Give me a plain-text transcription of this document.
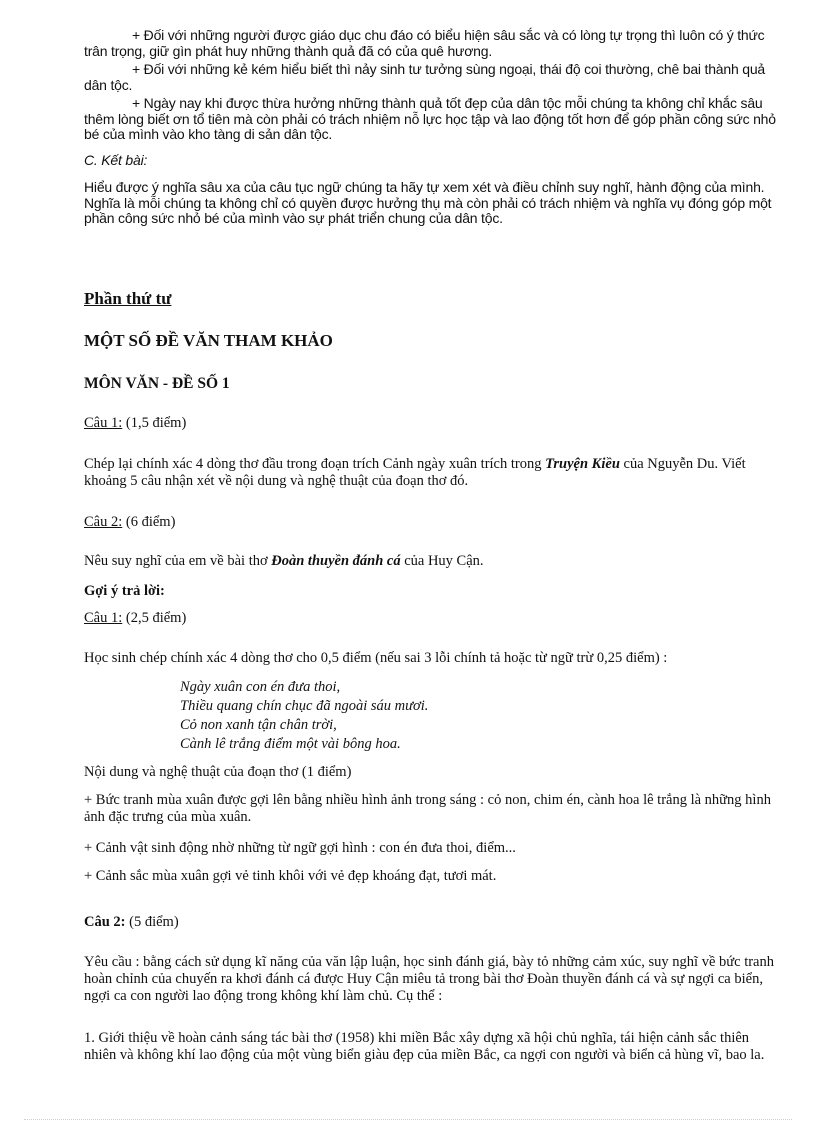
+ Đối với những người được giáo dục chu đáo có biểu hiện sâu sắc và có lòng tự trọng thì luôn có ý thức trân trọng, giữ gìn phát huy những thành quả đã có của quê hương.

+ Đối với những kẻ kém hiểu biết thì nảy sinh tư tưởng sùng ngoại, thái độ coi thường, chê bai thành quả dân tộc.

+ Ngày nay khi được thừa hưởng những thành quả tốt đẹp của dân tộc mỗi chúng ta không chỉ khắc sâu thêm lòng biết ơn tổ tiên mà còn phải có trách nhiệm nỗ lực học tập và lao động tốt hơn để góp phần công sức nhỏ bé của mình vào kho tàng di sản dân tộc.

C. Kết bài:

Hiểu được ý nghĩa sâu xa của câu tục ngữ chúng ta hãy tự xem xét và điều chỉnh suy nghĩ, hành động của mình. Nghĩa là mỗi chúng ta không chỉ có quyền được hưởng thụ mà còn phải có trách nhiệm và nghĩa vụ đóng góp một phần công sức nhỏ bé của mình vào sự phát triển chung của dân tộc.

Phần thứ tư

MỘT SỐ ĐỀ VĂN THAM KHẢO

MÔN VĂN - ĐỀ SỐ 1

Câu 1: (1,5 điểm)

Chép lại chính xác 4 dòng thơ đầu trong đoạn trích Cảnh ngày xuân trích trong Truyện Kiều của Nguyễn Du. Viết khoảng 5 câu nhận xét về nội dung và nghệ thuật của đoạn thơ đó.

Câu 2: (6 điểm)

Nêu suy nghĩ của em về bài thơ Đoàn thuyền đánh cá của Huy Cận.

Gợi ý trả lời:

Câu 1: (2,5 điểm)

Học sinh chép chính xác 4 dòng thơ cho 0,5 điểm (nếu sai 3 lỗi chính tả hoặc từ ngữ trừ 0,25 điểm) :

Ngày xuân con én đưa thoi,
Thiều quang chín chục đã ngoài sáu mươi.
Cỏ non xanh tận chân trời,
Cành lê trắng điểm một vài bông hoa.

Nội dung và nghệ thuật của đoạn thơ (1 điểm)

+ Bức tranh mùa xuân được gợi lên bằng nhiều hình ảnh trong sáng : cỏ non, chim én, cành hoa lê trắng là những hình ảnh đặc trưng của mùa xuân.

+ Cảnh vật sinh động nhờ những từ ngữ gợi hình : con én đưa thoi, điểm...

+ Cảnh sắc mùa xuân gợi vẻ tinh khôi với vẻ đẹp khoáng đạt, tươi mát.

Câu 2: (5 điểm)

Yêu cầu : bằng cách sử dụng kĩ năng của văn lập luận, học sinh đánh giá, bày tỏ những cảm xúc, suy nghĩ về bức tranh hoàn chỉnh của chuyến ra khơi đánh cá được Huy Cận miêu tả trong bài thơ Đoàn thuyền đánh cá và sự ngợi ca biển, ngợi ca con người lao động trong không khí làm chủ. Cụ thể :

1. Giới thiệu về hoàn cảnh sáng tác bài thơ (1958) khi miền Bắc xây dựng xã hội chủ nghĩa, tái hiện cảnh sắc thiên nhiên và không khí lao động của một vùng biển giàu đẹp của miền Bắc, ca ngợi con người và biển cả hùng vĩ, bao la.
